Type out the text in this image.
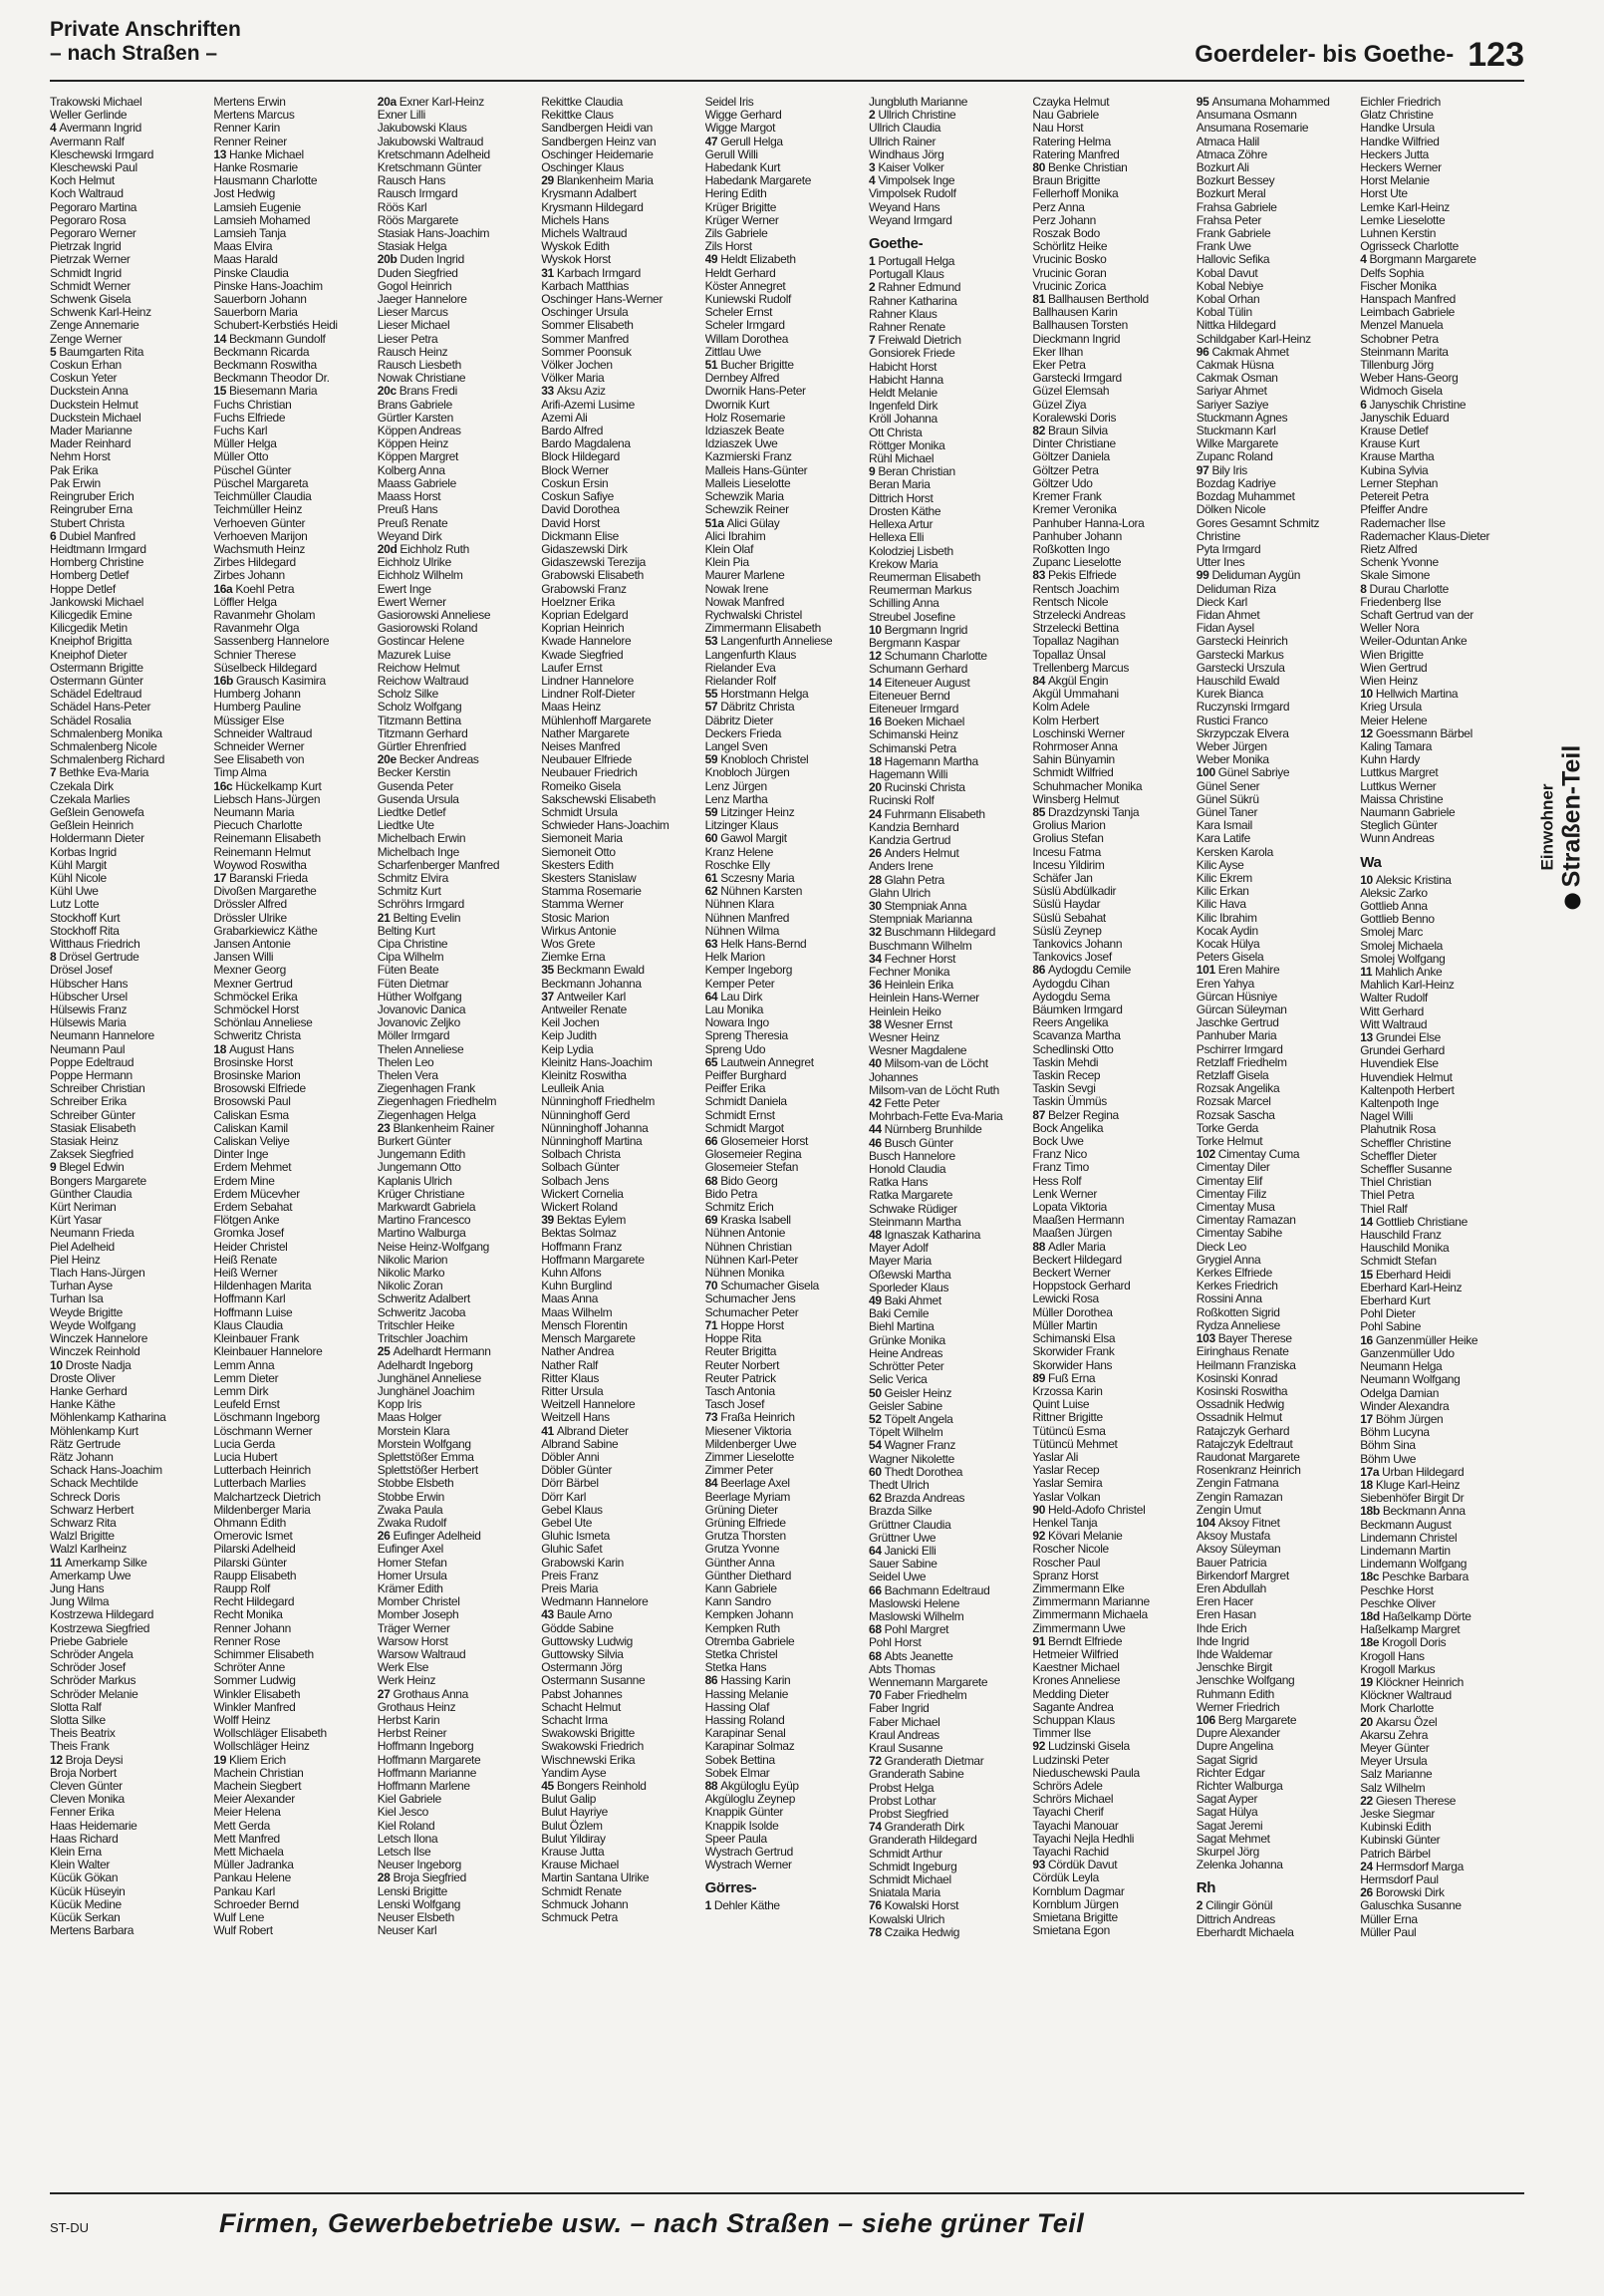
Private Anschriften
– nach Straßen –	Goerdeler- bis Goethe- 123
Trakowski Michael
Weller Gerlinde
4 Avermann Ingrid
Avermann Ralf
Kleschewski Irmgard
Kleschewski Paul
Koch Helmut
Koch Waltraud
Pegoraro Martina
Pegoraro Rosa
Pegoraro Werner
Pietrzak Ingrid
Pietrzak Werner
Schmidt Ingrid
Schmidt Werner
Schwenk Gisela
Schwenk Karl-Heinz
Zenge Annemarie
Zenge Werner
5 Baumgarten Rita
Coskun Erhan
Coskun Yeter
Duckstein Anna
Duckstein Helmut
Duckstein Michael
Mader Marianne
Mader Reinhard
Nehm Horst
Pak Erika
Pak Erwin
Reingruber Erich
Reingruber Erna
Stubert Christa
6 Dubiel Manfred
Heidtmann Irmgard
Homberg Christine
Homberg Detlef
Hoppe Detlef
Jankowski Michael
Kilicgedik Emine
Kilicgedik Metin
Kneiphof Brigitta
Kneiphof Dieter
Ostermann Brigitte
Ostermann Günter
Schädel Edeltraud
Schädel Hans-Peter
Schädel Rosalia
Schmalenberg Monika
Schmalenberg Nicole
Schmalenberg Richard
7 Bethke Eva-Maria
Czekala Dirk
Czekala Marlies
Geßlein Genowefa
Geßlein Heinrich
Holdermann Dieter
Korbas Ingrid
Kühl Margit
Kühl Nicole
Kühl Uwe
Lutz Lotte
Stockhoff Kurt
Stockhoff Rita
Witthaus Friedrich
8 Drösel Gertrude
Drösel Josef
Hübscher Hans
Hübscher Ursel
Hülsewis Franz
Hülsewis Maria
Neumann Hannelore
Neumann Paul
Poppe Edeltraud
Poppe Hermann
Schreiber Christian
Schreiber Erika
Schreiber Günter
Stasiak Elisabeth
Stasiak Heinz
Zaksek Siegfried
9 Blegel Edwin
Bongers Margarete
Günther Claudia
Kürt Neriman
Kürt Yasar
Neumann Frieda
Piel Adelheid
Piel Heinz
Tlach Hans-Jürgen
Turhan Ayse
Turhan Isa
Weyde Brigitte
Weyde Wolfgang
Winczek Hannelore
Winczek Reinhold
10 Droste Nadja
Droste Oliver
Hanke Gerhard
Hanke Käthe
Möhlenkamp Katharina
Möhlenkamp Kurt
Rätz Gertrude
Rätz Johann
Schack Hans-Joachim
Schack Mechtilde
Schreck Doris
Schwarz Herbert
Schwarz Rita
Walzl Brigitte
Walzl Karlheinz
11 Amerkamp Silke
Amerkamp Uwe
Jung Hans
Jung Wilma
Kostrzewa Hildegard
Kostrzewa Siegfried
Priebe Gabriele
Schröder Angela
Schröder Josef
Schröder Markus
Schröder Melanie
Slotta Ralf
Slotta Silke
Theis Beatrix
Theis Frank
12 Broja Deysi
Broja Norbert
Cleven Günter
Cleven Monika
Fenner Erika
Haas Heidemarie
Haas Richard
Klein Erna
Klein Walter
Kücük Gökan
Kücük Hüseyin
Kücük Medine
Kücük Serkan
Mertens Barbara
Mertens Erwin
Mertens Marcus
Renner Karin
Renner Reiner
13 Hanke Michael
Hanke Rosmarie
Hausmann Charlotte
Jost Hedwig
Lamsieh Eugenie
Lamsieh Mohamed
Lamsieh Tanja
Maas Elvira
Maas Harald
Pinske Claudia
Pinske Hans-Joachim
Sauerborn Johann
Sauerborn Maria
Schubert-Kerbstiés Heidi
14 Beckmann Gundolf
Beckmann Ricarda
Beckmann Roswitha
Beckmann Theodor Dr.
15 Biesemann Maria
Fuchs Christian
Fuchs Elfriede
Fuchs Karl
Müller Helga
Müller Otto
Püschel Günter
Püschel Margareta
Teichmüller Claudia
Teichmüller Heinz
Verhoeven Günter
Verhoeven Marijon
Wachsmuth Heinz
Zirbes Hildegard
Zirbes Johann
16a Koehl Petra
Löffler Helga
Ravanmehr Gholam
Ravanmehr Olga
Sassenberg Hannelore
Schnier Therese
Süselbeck Hildegard
16b Grausch Kasimira
Humberg Johann
Humberg Pauline
Müssiger Else
Schneider Waltraud
Schneider Werner
See Elisabeth von
Timp Alma
16c Hückelkamp Kurt
Liebsch Hans-Jürgen
Neumann Maria
Piecuch Charlotte
Reinemann Elisabeth
Reinemann Helmut
Woywod Roswitha
17 Baranski Frieda
Divoßen Margarethe
Drössler Alfred
Drössler Ulrike
Grabarkiewicz Käthe
Jansen Antonie
Jansen Willi
Mexner Georg
Mexner Gertrud
Schmöckel Erika
Schmöckel Horst
Schönlau Anneliese
Schweritz Christa
18 August Hans
Brosinske Horst
Brosinske Marion
Brosowski Elfriede
Brosowski Paul
Caliskan Esma
Caliskan Kamil
Caliskan Veliye
Dinter Inge
Erdem Mehmet
Erdem Mine
Erdem Mücevher
Erdem Sebahat
Flötgen Anke
Gromka Josef
Heider Christel
Heiß Renate
Heiß Werner
Hildenhagen Marita
Hoffmann Karl
Hoffmann Luise
Klaus Claudia
Kleinbauer Frank
Kleinbauer Hannelore
Lemm Anna
Lemm Dieter
Lemm Dirk
Leufeld Ernst
Löschmann Ingeborg
Löschmann Werner
Lucia Gerda
Lucia Hubert
Lutterbach Heinrich
Lutterbach Marlies
Malchartzeck Dietrich
Mildenberger Maria
Ohmann Edith
Omerovic Ismet
Pilarski Adelheid
Pilarski Günter
Raupp Elisabeth
Raupp Rolf
Recht Hildegard
Recht Monika
Renner Johann
Renner Rose
Schimmer Elisabeth
Schröter Anne
Sommer Ludwig
Winkler Elisabeth
Winkler Manfred
Wolff Heinz
Wollschläger Elisabeth
Wollschläger Heinz
19 Kliem Erich
Machein Christian
Machein Siegbert
Meier Alexander
Meier Helena
Mett Gerda
Mett Manfred
Mett Michaela
Müller Jadranka
Pankau Helene
Pankau Karl
Schroeder Bernd
Wulf Lene
Wulf Robert
20a Exner Karl-Heinz
Exner Lilli
Jakubowski Klaus
Jakubowski Waltraud
Kretschmann Adelheid
Kretschmann Günter
Rausch Hans
Rausch Irmgard
Röös Karl
Röös Margarete
Stasiak Hans-Joachim
Stasiak Helga
20b Duden Ingrid
Duden Siegfried
Gogol Heinrich
Jaeger Hannelore
Lieser Marcus
Lieser Michael
Lieser Petra
Rausch Heinz
Rausch Liesbeth
Nowak Christiane
20c Brans Fredi
Brans Gabriele
Gürtler Karsten
Köppen Andreas
Köppen Heinz
Köppen Margret
Kolberg Anna
Maass Gabriele
Maass Horst
Preuß Hans
Preuß Renate
Weyand Dirk
20d Eichholz Ruth
Eichholz Ulrike
Eichholz Wilhelm
Ewert Inge
Ewert Werner
Gasiorowski Anneliese
Gasiorowski Roland
Gostincar Helene
Mazurek Luise
Reichow Helmut
Reichow Waltraud
Scholz Silke
Scholz Wolfgang
Titzmann Bettina
Titzmann Gerhard
Gürtler Ehrenfried
20e Becker Andreas
Becker Kerstin
Gusenda Peter
Gusenda Ursula
Liedtke Detlef
Liedtke Ute
Michelbach Erwin
Michelbach Inge
Scharfenberger Manfred
Schmitz Elvira
Schmitz Kurt
Schröhrs Irmgard
21 Belting Evelin
Belting Kurt
Cipa Christine
Cipa Wilhelm
Füten Beate
Füten Dietmar
Hüther Wolfgang
Jovanovic Danica
Jovanovic Zeljko
Möller Irmgard
Thelen Anneliese
Thelen Leo
Thelen Vera
Ziegenhagen Frank
Ziegenhagen Friedhelm
Ziegenhagen Helga
23 Blankenheim Rainer
Burkert Günter
Jungemann Edith
Jungemann Otto
Kaplanis Ulrich
Krüger Christiane
Markwardt Gabriela
Martino Francesco
Martino Walburga
Neise Heinz-Wolfgang
Nikolic Marion
Nikolic Marko
Nikolic Zoran
Schweritz Adalbert
Schweritz Jacoba
Tritschler Heike
Tritschler Joachim
25 Adelhardt Hermann
Adelhardt Ingeborg
Junghänel Anneliese
Junghänel Joachim
Kopp Iris
Maas Holger
Morstein Klara
Morstein Wolfgang
Splettstößer Emma
Splettstößer Herbert
Stobbe Elsbeth
Stobbe Erwin
Zwaka Paula
Zwaka Rudolf
26 Eufinger Adelheid
Eufinger Axel
Homer Stefan
Homer Ursula
Krämer Edith
Momber Christel
Momber Joseph
Träger Werner
Warsow Horst
Warsow Waltraud
Werk Else
Werk Heinz
27 Grothaus Anna
Grothaus Heinz
Herbst Karin
Herbst Reiner
Hoffmann Ingeborg
Hoffmann Margarete
Hoffmann Marianne
Hoffmann Marlene
Kiel Gabriele
Kiel Jesco
Kiel Roland
Letsch Ilona
Letsch Ilse
Neuser Ingeborg
28 Broja Siegfried
Lenski Brigitte
Lenski Wolfgang
Neuser Elsbeth
Neuser Karl
Rekittke Claudia
Rekittke Claus
Sandbergen Heidi van
Sandbergen Heinz van
Oschinger Heidemarie
Oschinger Klaus
29 Blankenheim Maria
Krysmann Adalbert
Krysmann Hildegard
Michels Hans
Michels Waltraud
Wyskok Edith
Wyskok Horst
31 Karbach Irmgard
Karbach Matthias
Oschinger Hans-Werner
Oschinger Ursula
Sommer Elisabeth
Sommer Manfred
Sommer Poonsuk
Völker Jochen
Völker Maria
33 Aksu Aziz
Arifi-Azemi Lusime
Azemi Ali
Bardo Alfred
Bardo Magdalena
Block Hildegard
Block Werner
Coskun Ersin
Coskun Safiye
David Dorothea
David Horst
Dickmann Elise
Gidaszewski Dirk
Gidaszewski Terezija
Grabowski Elisabeth
Grabowski Franz
Hoelzner Erika
Koprian Edelgard
Koprian Heinrich
Kwade Hannelore
Kwade Siegfried
Laufer Ernst
Lindner Hannelore
Lindner Rolf-Dieter
Maas Heinz
Mühlenhoff Margarete
Nather Margarete
Neises Manfred
Neubauer Elfriede
Neubauer Friedrich
Romeiko Gisela
Sakschewski Elisabeth
Schmidt Ursula
Schwieder Hans-Joachim
Siemoneit Maria
Siemoneit Otto
Skesters Edith
Skesters Stanislaw
Stamma Rosemarie
Stamma Werner
Stosic Marion
Wirkus Antonie
Wos Grete
Ziemke Erna
35 Beckmann Ewald
Beckmann Johanna
37 Antweiler Karl
Antweiler Renate
Keil Jochen
Keip Judith
Keip Lydia
Kleinitz Hans-Joachim
Kleinitz Roswitha
Leulleik Ania
Nünninghoff Friedhelm
Nünninghoff Gerd
Nünninghoff Johanna
Nünninghoff Martina
Solbach Christa
Solbach Günter
Solbach Jens
Wickert Cornelia
Wickert Roland
39 Bektas Eylem
Bektas Solmaz
Hoffmann Franz
Hoffmann Margarete
Kuhn Alfons
Kuhn Burglind
Maas Anna
Maas Wilhelm
Mensch Florentin
Mensch Margarete
Nather Andrea
Nather Ralf
Ritter Klaus
Ritter Ursula
Weitzell Hannelore
Weitzell Hans
41 Albrand Dieter
Albrand Sabine
Döbler Anni
Döbler Günter
Dörr Bärbel
Dörr Karl
Gebel Klaus
Gebel Ute
Gluhic Ismeta
Gluhic Safet
Grabowski Karin
Preis Franz
Preis Maria
Wedmann Hannelore
43 Baule Arno
Gödde Sabine
Guttowsky Ludwig
Guttowsky Silvia
Ostermann Jörg
Ostermann Susanne
Pabst Johannes
Schacht Helmut
Schacht Irma
Swakowski Brigitte
Swakowski Friedrich
Wischnewski Erika
Yandim Ayse
45 Bongers Reinhold
Bulut Galip
Bulut Hayriye
Bulut Özlem
Bulut Yildiray
Krause Jutta
Krause Michael
Martin Santana Ulrike
Schmidt Renate
Schmuck Johann
Schmuck Petra
Seidel Iris
Wigge Gerhard
Wigge Margot
47 Gerull Helga
Gerull Willi
Habedank Kurt
Habedank Margarete
Hering Edith
Krüger Brigitte
Krüger Werner
Zils Gabriele
Zils Horst
49 Heldt Elizabeth
Heldt Gerhard
Köster Annegret
Kuniewski Rudolf
Scheler Ernst
Scheler Irmgard
Willam Dorothea
Zittlau Uwe
51 Bucher Brigitte
Dernbey Alfred
Dwornik Hans-Peter
Dwornik Kurt
Holz Rosemarie
Idziaszek Beate
Idziaszek Uwe
Kazmierski Franz
Malleis Hans-Günter
Malleis Lieselotte
Schewzik Maria
Schewzik Reiner
51a Alici Gülay
Alici Ibrahim
Klein Olaf
Klein Pia
Maurer Marlene
Nowak Irene
Nowak Manfred
Rychwalski Christel
Zimmermann Elisabeth
53 Langenfurth Anneliese
Langenfurth Klaus
Rielander Eva
Rielander Rolf
55 Horstmann Helga
57 Däbritz Christa
Däbritz Dieter
Deckers Frieda
Langel Sven
59 Knobloch Christel
Knobloch Jürgen
Lenz Jürgen
Lenz Martha
59 Litzinger Heinz
Litzinger Klaus
60 Gawol Margit
Kranz Helene
Roschke Elly
61 Sczesny Maria
62 Nühnen Karsten
Nühnen Klara
Nühnen Manfred
Nühnen Wilma
63 Helk Hans-Bernd
Helk Marion
Kemper Ingeborg
Kemper Peter
64 Lau Dirk
Lau Monika
Nowara Ingo
Spreng Theresia
Spreng Udo
65 Lautwein Annegret
Peiffer Burghard
Peiffer Erika
Schmidt Daniela
Schmidt Ernst
Schmidt Margot
66 Glosemeier Horst
Glosemeier Regina
Glosemeier Stefan
68 Bido Georg
Bido Petra
Schmitz Erich
69 Kraska Isabell
Nühnen Antonie
Nühnen Christian
Nühnen Karl-Peter
Nühnen Monika
70 Schumacher Gisela
Schumacher Jens
Schumacher Peter
71 Hoppe Horst
Hoppe Rita
Reuter Brigitta
Reuter Norbert
Reuter Patrick
Tasch Antonia
Tasch Josef
73 Fraßa Heinrich
Miesener Viktoria
Mildenberger Uwe
Zimmer Lieselotte
Zimmer Peter
84 Beerlage Axel
Beerlage Myriam
Grüning Dieter
Grüning Elfriede
Grutza Thorsten
Grutza Yvonne
Günther Anna
Günther Diethard
Kann Gabriele
Kann Sandro
Kempken Johann
Kempken Ruth
Otremba Gabriele
Stetka Christel
Stetka Hans
86 Hassing Karin
Hassing Melanie
Hassing Olaf
Hassing Roland
Karapinar Senal
Karapinar Solmaz
Sobek Bettina
Sobek Elmar
88 Akgüloglu Eyüp
Akgüloglu Zeynep
Knappik Günter
Knappik Isolde
Speer Paula
Wystrach Gertrud
Wystrach Werner
Görres-
1 Dehler Käthe
Jungbluth Marianne
2 Ullrich Christine
Ullrich Claudia
Ullrich Rainer
Windhaus Jörg
3 Kaiser Volker
4 Vimpolsek Inge
Vimpolsek Rudolf
Weyand Hans
Weyand Irmgard
Goethe-
1 Portugall Helga
Portugall Klaus
2 Rahner Edmund
Rahner Katharina
Rahner Klaus
Rahner Renate
7 Freiwald Dietrich
Gonsiorek Friede
Habicht Horst
Habicht Hanna
Heldt Melanie
Ingenfeld Dirk
Kröll Johanna
Ott Christa
Röttger Monika
Rühl Michael
9 Beran Christian
Beran Maria
Dittrich Horst
Drosten Käthe
Hellexa Artur
Hellexa Elli
Kolodziej Lisbeth
Krekow Maria
Reumerman Elisabeth
Reumerman Markus
Schilling Anna
Streubel Josefine
10 Bergmann Ingrid
Bergmann Kaspar
12 Schumann Charlotte
Schumann Gerhard
14 Eiteneuer August
Eiteneuer Bernd
Eiteneuer Irmgard
16 Boeken Michael
Schimanski Heinz
Schimanski Petra
18 Hagemann Martha
Hagemann Willi
20 Rucinski Christa
Rucinski Rolf
24 Fuhrmann Elisabeth
Kandzia Bernhard
Kandzia Gertrud
26 Anders Helmut
Anders Irene
28 Glahn Petra
Glahn Ulrich
30 Stempniak Anna
Stempniak Marianna
32 Buschmann Hildegard
Buschmann Wilhelm
34 Fechner Horst
Fechner Monika
36 Heinlein Erika
Heinlein Hans-Werner
Heinlein Heiko
38 Wesner Ernst
Wesner Heinz
Wesner Magdalene
40 Milsom-van de Löcht
Johannes
Milsom-van de Löcht Ruth
42 Fette Peter
Mohrbach-Fette Eva-Maria
44 Nürnberg Brunhilde
46 Busch Günter
Busch Hannelore
Honold Claudia
Ratka Hans
Ratka Margarete
Schwake Rüdiger
Steinmann Martha
48 Ignaszak Katharina
Mayer Adolf
Mayer Maria
Oßewski Martha
Sporleder Klaus
49 Baki Ahmet
Baki Cemile
Biehl Martina
Grünke Monika
Heine Andreas
Schrötter Peter
Selic Verica
50 Geisler Heinz
Geisler Sabine
52 Töpelt Angela
Töpelt Wilhelm
54 Wagner Franz
Wagner Nikolette
60 Thedt Dorothea
Thedt Ulrich
62 Brazda Andreas
Brazda Silke
Grüttner Claudia
Grüttner Uwe
64 Janicki Elli
Sauer Sabine
Seidel Uwe
66 Bachmann Edeltraud
Maslowski Helene
Maslowski Wilhelm
68 Pohl Margret
Pohl Horst
68 Abts Jeanette
Abts Thomas
Wennemann Margarete
70 Faber Friedhelm
Faber Ingrid
Faber Michael
Kraul Andreas
Kraul Susanne
72 Granderath Dietmar
Granderath Sabine
Probst Helga
Probst Lothar
Probst Siegfried
74 Granderath Dirk
Granderath Hildegard
Schmidt Arthur
Schmidt Ingeburg
Schmidt Michael
Sniatala Maria
76 Kowalski Horst
Kowalski Ulrich
78 Czaika Hedwig
Czayka Helmut
Nau Gabriele
Nau Horst
Ratering Helma
Ratering Manfred
80 Benke Christian
Braun Brigitte
Fellerhoff Monika
Perz Anna
Perz Johann
Roszak Bodo
Schörlitz Heike
Vrucinic Bosko
Vrucinic Goran
Vrucinic Zorica
81 Ballhausen Berthold
Ballhausen Karin
Ballhausen Torsten
Dieckmann Ingrid
Eker Ilhan
Eker Petra
Garstecki Irmgard
Güzel Elemsah
Güzel Ziya
Koralewski Doris
82 Braun Silvia
Dinter Christiane
Göltzer Daniela
Göltzer Petra
Göltzer Udo
Kremer Frank
Kremer Veronika
Panhuber Hanna-Lora
Panhuber Johann
Roßkotten Ingo
Zupanc Lieselotte
83 Pekis Elfriede
Rentsch Joachim
Rentsch Nicole
Strzelecki Andreas
Strzelecki Bettina
Topallaz Nagihan
Topallaz Ünsal
Trellenberg Marcus
84 Akgül Engin
Akgül Ummahani
Kolm Adele
Kolm Herbert
Loschinski Werner
Rohrmoser Anna
Sahin Bünyamin
Schmidt Wilfried
Schuhmacher Monika
Winsberg Helmut
85 Drazdzynski Tanja
Grolius Marion
Grolius Stefan
Incesu Fatma
Incesu Yildirim
Schäfer Jan
Süslü Abdülkadir
Süslü Haydar
Süslü Sebahat
Süslü Zeynep
Tankovics Johann
Tankovics Josef
86 Aydogdu Cemile
Aydogdu Cihan
Aydogdu Sema
Bäumken Irmgard
Reers Angelika
Scavanza Martha
Schedlinski Otto
Taskin Mehdi
Taskin Recep
Taskin Sevgi
Taskin Ümmüs
87 Belzer Regina
Bock Angelika
Bock Uwe
Franz Nico
Franz Timo
Hess Rolf
Lenk Werner
Lopata Viktoria
Maaßen Hermann
Maaßen Jürgen
88 Adler Maria
Beckert Hildegard
Beckert Werner
Hoppstock Gerhard
Lewicki Rosa
Müller Dorothea
Müller Martin
Schimanski Elsa
Skorwider Frank
Skorwider Hans
89 Fuß Erna
Krzossa Karin
Quint Luise
Rittner Brigitte
Tütüncü Esma
Tütüncü Mehmet
Yaslar Ali
Yaslar Recep
Yaslar Semira
Yaslar Volkan
90 Held-Adofo Christel
Henkel Tanja
92 Kövari Melanie
Roscher Nicole
Roscher Paul
Spranz Horst
Zimmermann Elke
Zimmermann Marianne
Zimmermann Michaela
Zimmermann Uwe
91 Berndt Elfriede
Hetmeier Wilfried
Kaestner Michael
Krones Anneliese
Medding Dieter
Sagante Andrea
Schuppan Klaus
Timmer Ilse
92 Ludzinski Gisela
Ludzinski Peter
Nieduschewski Paula
Schrörs Adele
Schrörs Michael
Tayachi Cherif
Tayachi Manouar
Tayachi Nejla Hedhli
Tayachi Rachid
93 Cördük Davut
Cördük Leyla
Kornblum Dagmar
Kornblum Jürgen
Smietana Brigitte
Smietana Egon
95 Ansumana Mohammed
Ansumana Osmann
Ansumana Rosemarie
Atmaca Halil
Atmaca Zöhre
Bozkurt Ali
Bozkurt Bessey
Bozkurt Meral
Frahsa Gabriele
Frahsa Peter
Frank Gabriele
Frank Uwe
Hallovic Sefika
Kobal Davut
Kobal Nebiye
Kobal Orhan
Kobal Tülin
Nittka Hildegard
Schildgaber Karl-Heinz
96 Cakmak Ahmet
Cakmak Hüsna
Cakmak Osman
Sariyar Ahmet
Sariyer Saziye
Stuckmann Agnes
Stuckmann Karl
Wilke Margarete
Zupanc Roland
97 Bily Iris
Bozdag Kadriye
Bozdag Muhammet
Dölken Nicole
Gores Gesamnt Schmitz
Christine
Pyta Irmgard
Utter Ines
99 Deliduman Aygün
Deliduman Riza
Dieck Karl
Fidan Ahmet
Fidan Aysel
Garstecki Heinrich
Garstecki Markus
Garstecki Urszula
Hauschild Ewald
Kurek Bianca
Ruczynski Irmgard
Rustici Franco
Skrzypczak Elvera
Weber Jürgen
Weber Monika
100 Günel Sabriye
Günel Sener
Günel Sükrü
Günel Taner
Kara Ismail
Kara Latife
Kersken Karola
Kilic Ayse
Kilic Ekrem
Kilic Erkan
Kilic Hava
Kilic Ibrahim
Kocak Aydin
Kocak Hülya
Peters Gisela
101 Eren Mahire
Eren Yahya
Gürcan Hüsniye
Gürcan Süleyman
Jaschke Gertrud
Panhuber Maria
Pschirrer Irmgard
Retzlaff Friedhelm
Retzlaff Gisela
Rozsak Angelika
Rozsak Marcel
Rozsak Sascha
Torke Gerda
Torke Helmut
102 Cimentay Cuma
Cimentay Diler
Cimentay Elif
Cimentay Filiz
Cimentay Musa
Cimentay Ramazan
Cimentay Sabihe
Dieck Leo
Grygiel Anna
Kerkes Elfriede
Kerkes Friedrich
Rossini Anna
Roßkotten Sigrid
Rydza Anneliese
103 Bayer Therese
Eiringhaus Renate
Heilmann Franziska
Kosinski Konrad
Kosinski Roswitha
Ossadnik Hedwig
Ossadnik Helmut
Ratajczyk Gerhard
Ratajczyk Edeltraut
Raudonat Margarete
Rosenkranz Heinrich
Zengin Fatmana
Zengin Ramazan
Zengin Umut
104 Aksoy Fitnet
Aksoy Mustafa
Aksoy Süleyman
Bauer Patricia
Birkendorf Margret
Eren Abdullah
Eren Hacer
Eren Hasan
Ihde Erich
Ihde Ingrid
Ihde Waldemar
Jenschke Birgit
Jenschke Wolfgang
Ruhmann Edith
Werner Friedrich
106 Berg Margarete
Dupre Alexander
Dupre Angelina
Sagat Sigrid
Richter Edgar
Richter Walburga
Sagat Ayper
Sagat Hülya
Sagat Jeremi
Sagat Mehmet
Skurpel Jörg
Zelenka Johanna
Rh
2 Cilingir Gönül
Dittrich Andreas
Eberhardt Michaela
Eichler Friedrich
Glatz Christine
Handke Ursula
Handke Wilfried
Heckers Jutta
Heckers Werner
Horst Melanie
Horst Ute
Lemke Karl-Heinz
Lemke Lieselotte
Luhnen Kerstin
Ogrisseck Charlotte
4 Borgmann Margarete
Delfs Sophia
Fischer Monika
Hanspach Manfred
Leimbach Gabriele
Menzel Manuela
Schobner Petra
Steinmann Marita
Tillenburg Jörg
Weber Hans-Georg
Widmoch Gisela
6 Janyschik Christine
Janyschik Eduard
Krause Detlef
Krause Kurt
Krause Martha
Kubina Sylvia
Lerner Stephan
Petereit Petra
Pfeiffer Andre
Rademacher Ilse
Rademacher Klaus-Dieter
Rietz Alfred
Schenk Yvonne
Skale Simone
8 Durau Charlotte
Friedenberg Ilse
Schaft Gertrud van der
Weller Nora
Weiler-Oduntan Anke
Wien Brigitte
Wien Gertrud
Wien Heinz
10 Hellwich Martina
Krieg Ursula
Meier Helene
12 Goessmann Bärbel
Kaling Tamara
Kuhn Hardy
Luttkus Margret
Luttkus Werner
Maissa Christine
Naumann Gabriele
Steglich Günter
Wunn Andreas
Wa
10 Aleksic Kristina
Aleksic Zarko
Gottlieb Anna
Gottlieb Benno
Smolej Marc
Smolej Michaela
Smolej Wolfgang
11 Mahlich Anke
Mahlich Karl-Heinz
Walter Rudolf
Witt Gerhard
Witt Waltraud
13 Grundei Else
Grundei Gerhard
Huvendiek Else
Huvendiek Helmut
Kaltenpoth Herbert
Kaltenpoth Inge
Nagel Willi
Plahutnik Rosa
Scheffler Christine
Scheffler Dieter
Scheffler Susanne
Thiel Christian
Thiel Petra
Thiel Ralf
14 Gottlieb Christiane
Hauschild Franz
Hauschild Monika
Schmidt Stefan
15 Eberhard Heidi
Eberhard Karl-Heinz
Eberhard Kurt
Pohl Dieter
Pohl Sabine
16 Ganzenmüller Heike
Ganzenmüller Udo
Neumann Helga
Neumann Wolfgang
Odelga Damian
Winder Alexandra
17 Böhm Jürgen
Böhm Lucyna
Böhm Sina
Böhm Uwe
17a Urban Hildegard
18 Kluge Karl-Heinz
Siebenhöfer Birgit Dr
18b Beckmann Anna
Beckmann August
Lindemann Christel
Lindemann Martin
Lindemann Wolfgang
18c Peschke Barbara
Peschke Horst
Peschke Oliver
18d Haßelkamp Dörte
Haßelkamp Margret
18e Krogoll Doris
Krogoll Hans
Krogoll Markus
19 Klöckner Heinrich
Klöckner Waltraud
Mork Charlotte
20 Akarsu Özel
Akarsu Zehra
Meyer Günter
Meyer Ursula
Salz Marianne
Salz Wilhelm
22 Giesen Therese
Jeske Siegmar
Kubinski Edith
Kubinski Günter
Patrich Bärbel
24 Hermsdorf Marga
Hermsdorf Paul
26 Borowski Dirk
Galuschka Susanne
Müller Erna
Müller Paul
Einwohner Straßen-Teil
ST-DU	Firmen, Gewerbebetriebe usw. – nach Straßen – siehe grüner Teil
